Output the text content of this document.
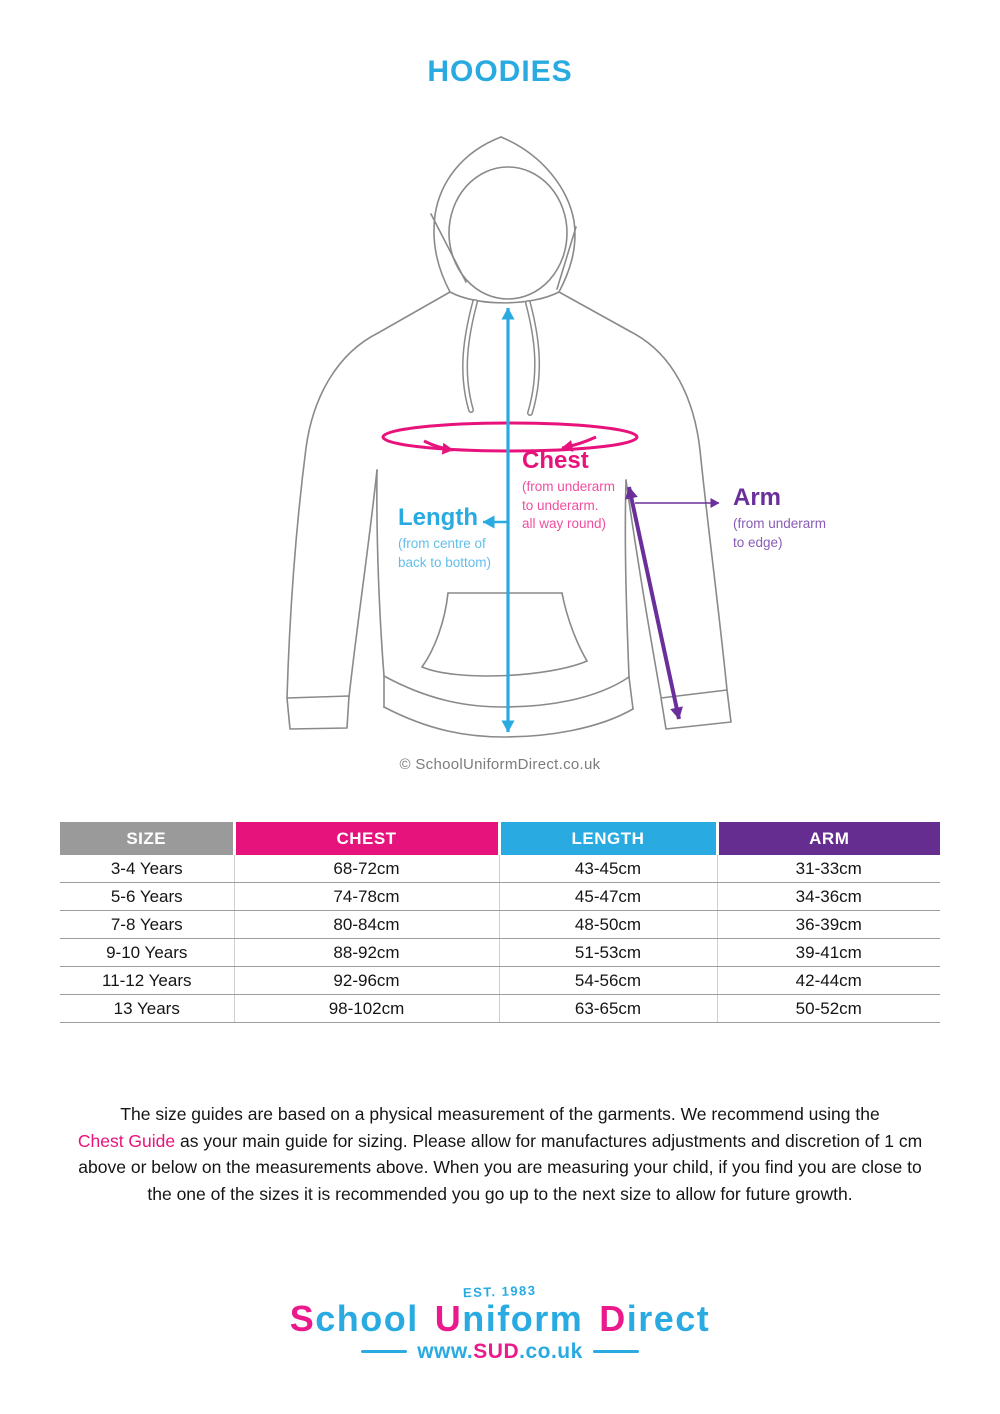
HOODIES
Chest
(from underarm
to underarm.
all way round)
Length
(from centre of
back to bottom)
Arm
(from underarm
to edge)
© SchoolUniformDirect.co.uk
SIZE	CHEST	LENGTH	ARM
3-4 Years	68-72cm	43-45cm	31-33cm
5-6 Years	74-78cm	45-47cm	34-36cm
7-8 Years	80-84cm	48-50cm	36-39cm
9-10 Years	88-92cm	51-53cm	39-41cm
11-12 Years	92-96cm	54-56cm	42-44cm
13 Years	98-102cm	63-65cm	50-52cm
The size guides are based on a physical measurement of the garments. We recommend using the
Chest Guide as your main guide for sizing. Please allow for manufactures adjustments and discretion of 1 cm
above or below on the measurements above. When you are measuring your child, if you find you are close to
the one of the sizes it is recommended you go up to the next size to allow for future growth.
EST. 1983
School Uniform Direct
www.SUD.co.uk
